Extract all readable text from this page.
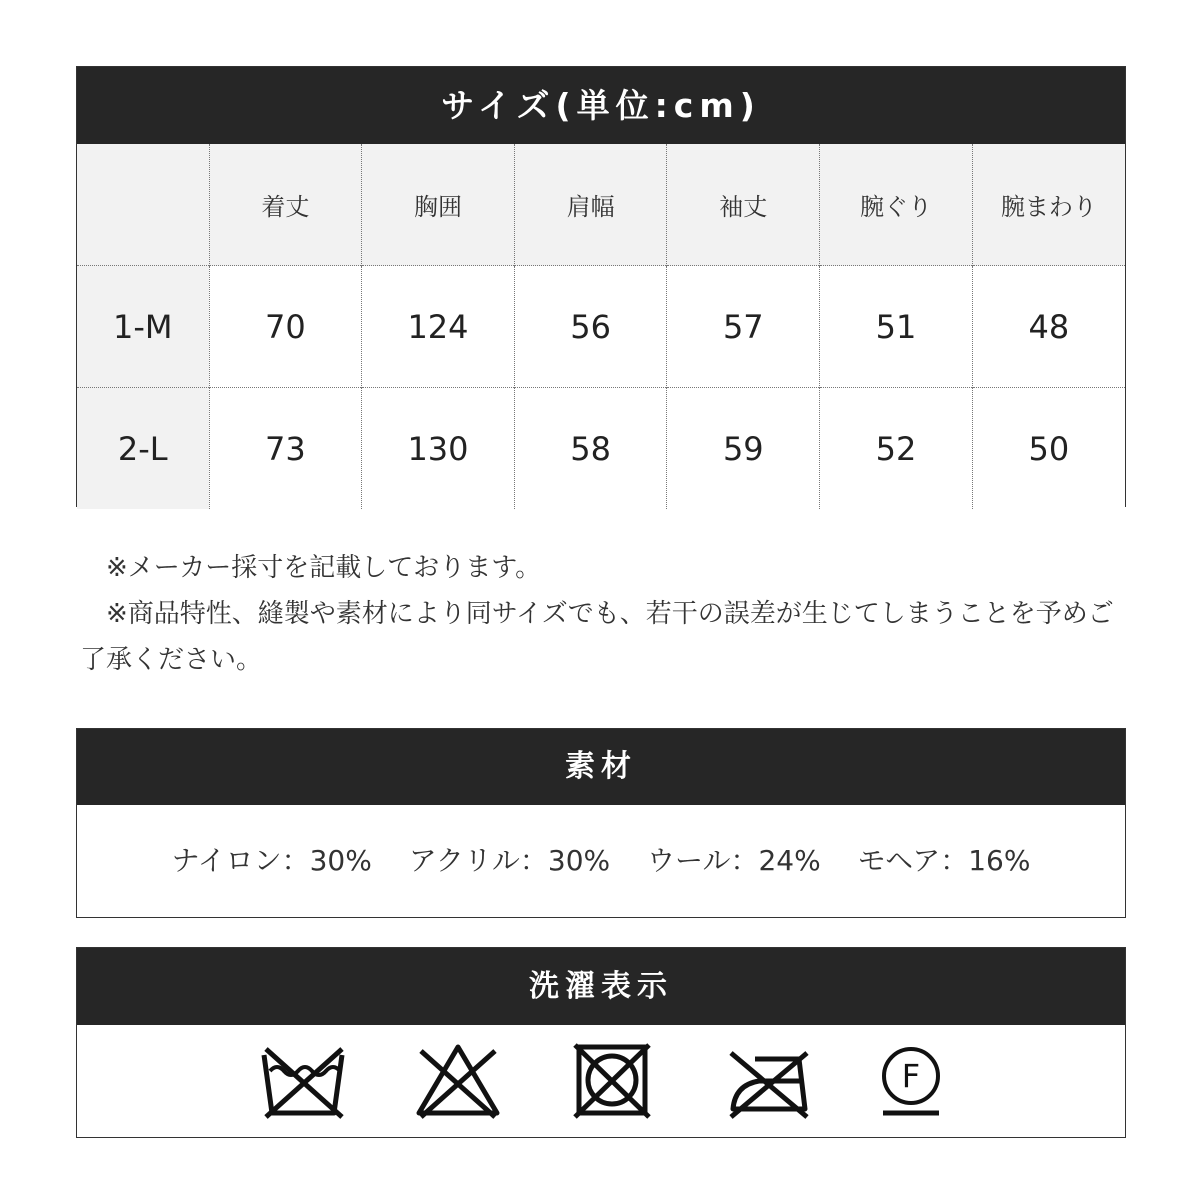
サイズ(単位:cm)
	着丈	胸囲	肩幅	袖丈	腕ぐり	腕まわり
1-M	70	124	56	57	51	48
2-L	73	130	58	59	52	50

　※メーカー採寸を記載しております。

　※商品特性、縫製や素材により同サイズでも、若干の誤差が生じてしまうことを予めご了承ください。

素材
ナイロン：30% アクリル：30% ウール：24% モヘア：16%
洗濯表示
F
